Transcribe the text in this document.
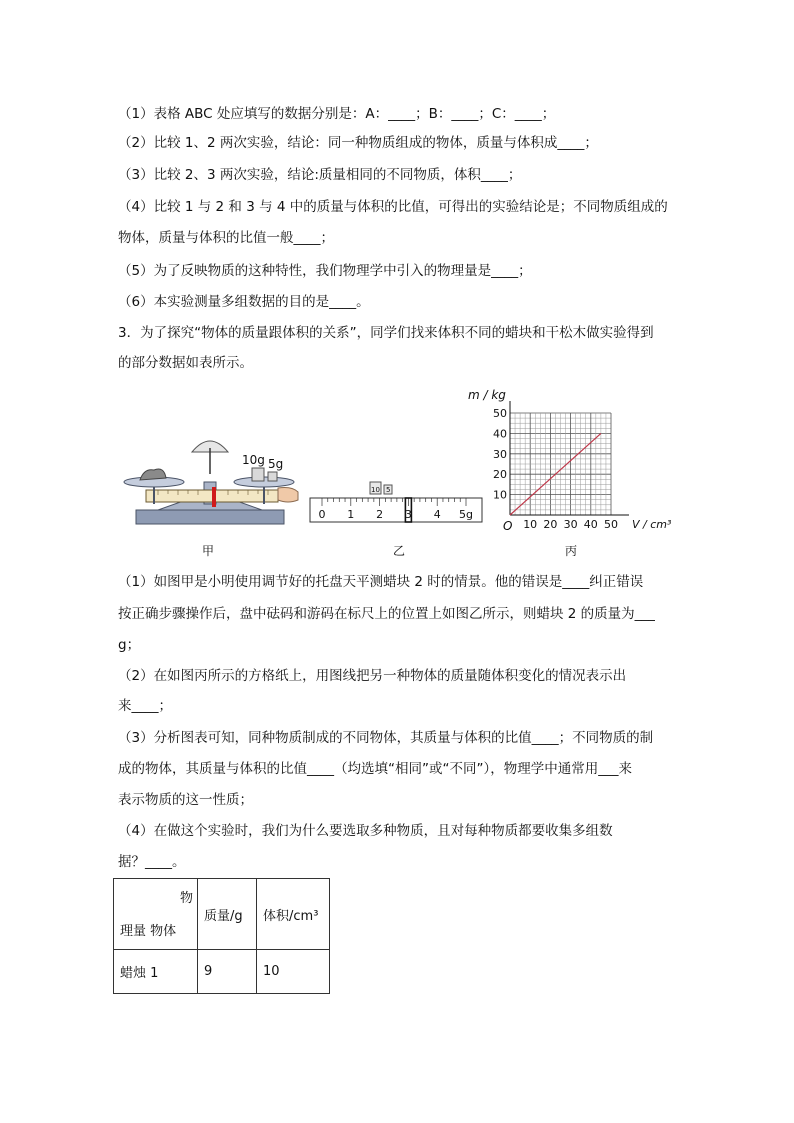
（1）表格 ABC 处应填写的数据分别是：A：____；B：____；C：____；
（2）比较 1、2 两次实验，结论：同一种物质组成的物体，质量与体积成____；
（3）比较 2、3 两次实验，结论:质量相同的不同物质，体积____；
（4）比较 1 与 2 和 3 与 4 中的质量与体积的比值，可得出的实验结论是；不同物质组成的
物体，质量与体积的比值一般____；
（5）为了反映物质的这种特性，我们物理学中引入的物理量是____；
（6）本实验测量多组数据的目的是____。
3．为了探究“物体的质量跟体积的关系”，同学们找来体积不同的蜡块和干松木做实验得到
的部分数据如表所示。
10g 5g
甲
0 1 2 3 4 5g
10 5
乙
m / kg
10 20 30 40 50
10
20
30
40
50
O	V / cm³
丙
（1）如图甲是小明使用调节好的托盘天平测蜡块 2 时的情景。他的错误是____纠正错误
按正确步骤操作后，盘中砝码和游码在标尺上的位置上如图乙所示，则蜡块 2 的质量为___
g；
（2）在如图丙所示的方格纸上，用图线把另一种物体的质量随体积变化的情况表示出
来____；
（3）分析图表可知，同种物质制成的不同物体，其质量与体积的比值____；不同物质的制
成的物体，其质量与体积的比值____（均选填“相同”或“不同”），物理学中通常用___来
表示物质的这一性质；
（4）在做这个实验时，我们为什么要选取多种物质，且对每种物质都要收集多组数
据？____。
物
理量 物体	质量/g	体积/cm³
蜡烛 1	9	10
